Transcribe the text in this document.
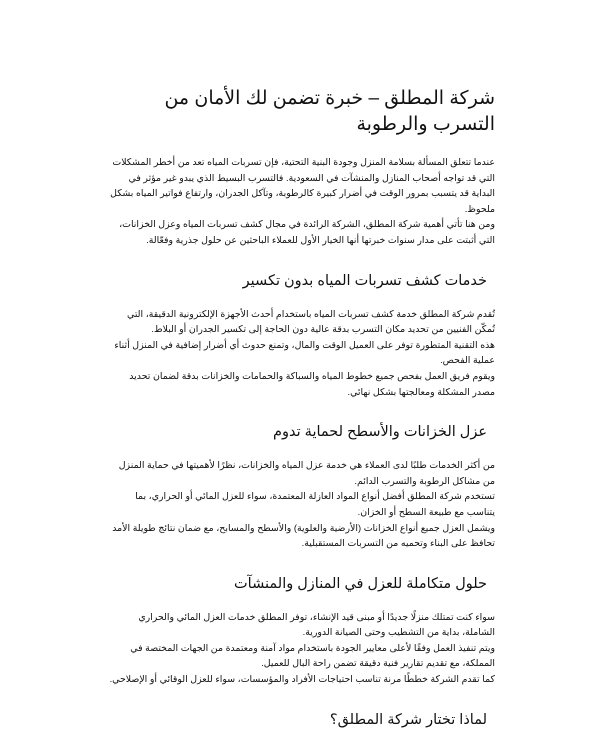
شركة المطلق – خبرة تضمن لك الأمان من التسرب والرطوبة
عندما تتعلق المسألة بسلامة المنزل وجودة البنية التحتية، فإن تسربات المياه تعد من أخطر المشكلات التي قد تواجه أصحاب المنازل والمنشآت في السعودية. فالتسرب البسيط الذي يبدو غير مؤثر في البداية قد يتسبب بمرور الوقت في أضرار كبيرة كالرطوبة، وتآكل الجدران، وارتفاع فواتير المياه بشكل ملحوظ.
ومن هنا تأتي أهمية شركة المطلق، الشركة الرائدة في مجال كشف تسربات المياه وعزل الخزانات، التي أثبتت على مدار سنوات خبرتها أنها الخيار الأول للعملاء الباحثين عن حلول جذرية وفعّالة.
خدمات كشف تسربات المياه بدون تكسير
تُقدم شركة المطلق خدمة كشف تسربات المياه باستخدام أحدث الأجهزة الإلكترونية الدقيقة، التي تُمكّن الفنيين من تحديد مكان التسرب بدقة عالية دون الحاجة إلى تكسير الجدران أو البلاط.
هذه التقنية المتطورة توفر على العميل الوقت والمال، وتمنع حدوث أي أضرار إضافية في المنزل أثناء عملية الفحص.
ويقوم فريق العمل بفحص جميع خطوط المياه والسباكة والحمامات والخزانات بدقة لضمان تحديد مصدر المشكلة ومعالجتها بشكل نهائي.
عزل الخزانات والأسطح لحماية تدوم
من أكثر الخدمات طلبًا لدى العملاء هي خدمة عزل المياه والخزانات، نظرًا لأهميتها في حماية المنزل من مشاكل الرطوبة والتسرب الدائم.
تستخدم شركة المطلق أفضل أنواع المواد العازلة المعتمدة، سواء للعزل المائي أو الحراري، بما يتناسب مع طبيعة السطح أو الخزان.
ويشمل العزل جميع أنواع الخزانات (الأرضية والعلوية) والأسطح والمسابح، مع ضمان نتائج طويلة الأمد تحافظ على البناء وتحميه من التسربات المستقبلية.
حلول متكاملة للعزل في المنازل والمنشآت
سواء كنت تمتلك منزلًا جديدًا أو مبنى قيد الإنشاء، توفر المطلق خدمات العزل المائي والحراري الشاملة، بداية من التشطيب وحتى الصيانة الدورية.
ويتم تنفيذ العمل وفقًا لأعلى معايير الجودة باستخدام مواد آمنة ومعتمدة من الجهات المختصة في المملكة، مع تقديم تقارير فنية دقيقة تضمن راحة البال للعميل.
كما تقدم الشركة خططًا مرنة تناسب احتياجات الأفراد والمؤسسات، سواء للعزل الوقائي أو الإصلاحي.
لماذا تختار شركة المطلق؟
